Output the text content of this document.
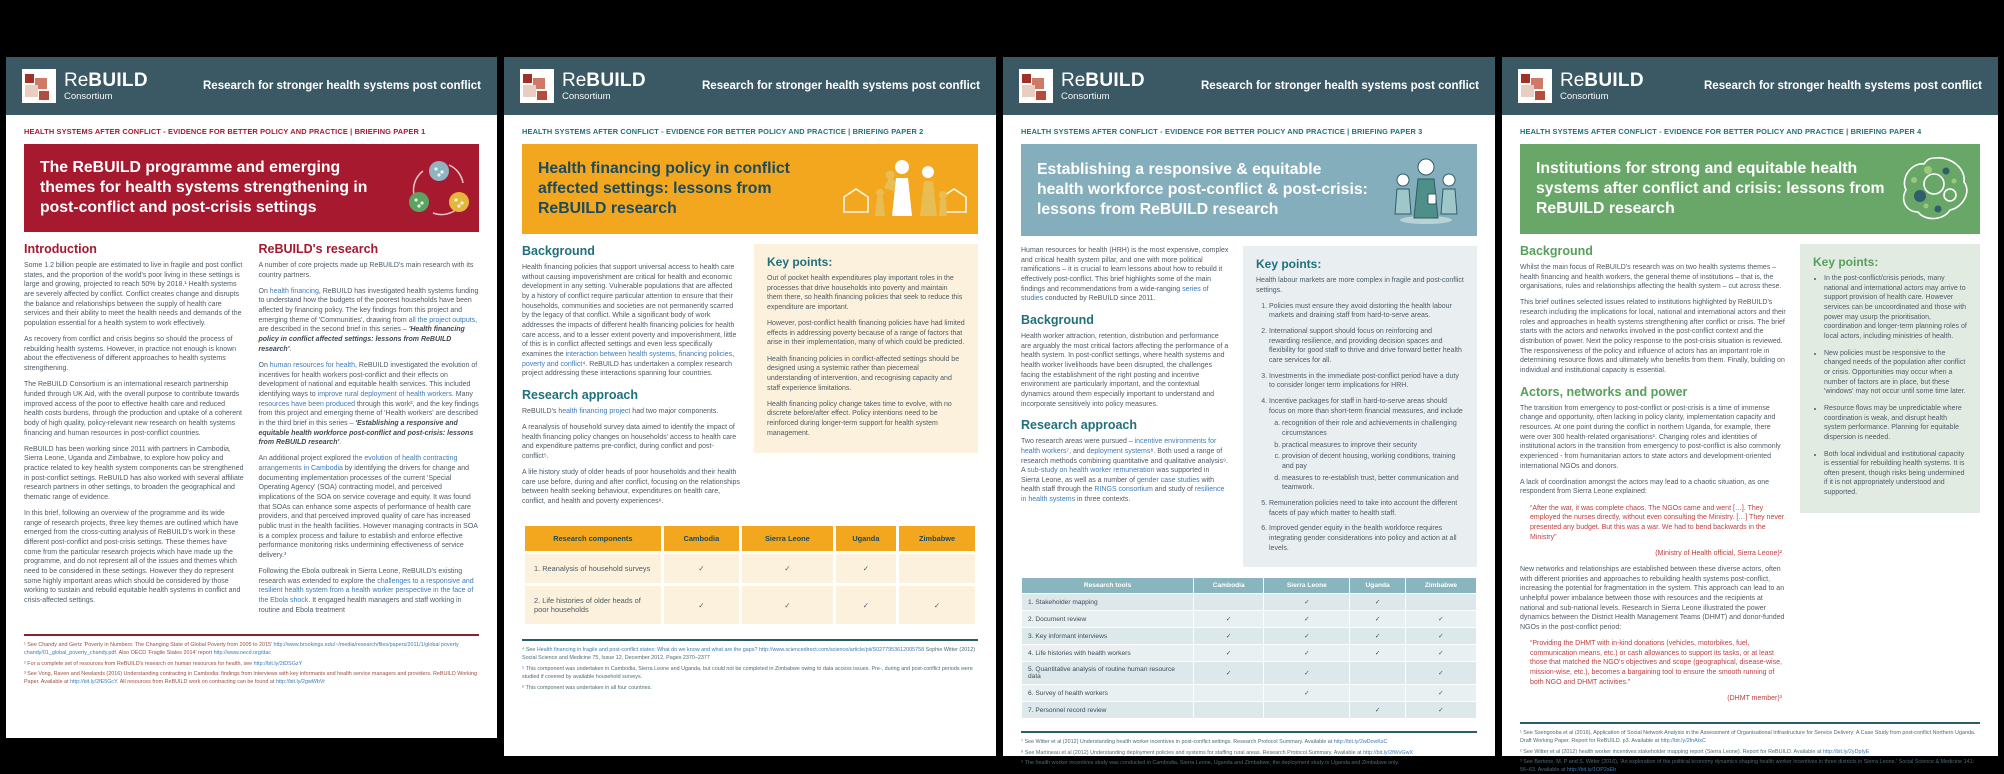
ReBUILD
Consortium
Research for stronger health systems post conflict
HEALTH SYSTEMS AFTER CONFLICT - EVIDENCE FOR BETTER POLICY AND PRACTICE | BRIEFING PAPER 1
The ReBUILD programme and emerging themes for health systems strengthening in post-conflict and post-crisis settings
Introduction

Some 1.2 billion people are estimated to live in fragile and post conflict states, and the proportion of the world's poor living in these settings is large and growing, projected to reach 50% by 2018.¹ Health systems are severely affected by conflict. Conflict creates change and disrupts the balance and relationships between the supply of health care services and their ability to meet the health needs and demands of the population essential for a health system to work effectively.

As recovery from conflict and crisis begins so should the process of rebuilding health systems. However, in practice not enough is known about the effectiveness of different approaches to health systems strengthening.

The ReBUILD Consortium is an international research partnership funded through UK Aid, with the overall purpose to contribute towards improved access of the poor to effective health care and reduced health costs burdens, through the production and uptake of a coherent body of high quality, policy-relevant new research on health systems financing and human resources in post-conflict countries.

ReBUILD has been working since 2011 with partners in Cambodia, Sierra Leone, Uganda and Zimbabwe, to explore how policy and practice related to key health system components can be strengthened in post-conflict settings. ReBUILD has also worked with several affiliate research partners in other settings, to broaden the geographical and thematic range of evidence.

In this brief, following an overview of the programme and its wide range of research projects, three key themes are outlined which have emerged from the cross-cutting analysis of ReBUILD's work in these different post-conflict and post-crisis settings. These themes have come from the particular research projects which have made up the programme, and do not represent all of the issues and themes which need to be considered in these settings. However they do represent some highly important areas which should be considered by those working to sustain and rebuild equitable health systems in conflict and crisis-affected settings.

ReBUILD's research

A number of core projects made up ReBUILD's main research with its country partners.

On health financing, ReBUILD has investigated health systems funding to understand how the budgets of the poorest households have been affected by financing policy. The key findings from this project and emerging theme of 'Communities', drawing from all the project outputs, are described in the second brief in this series – 'Health financing policy in conflict affected settings: lessons from ReBUILD research'.

On human resources for health, ReBUILD investigated the evolution of incentives for health workers post-conflict and their effects on development of national and equitable health services. This included identifying ways to improve rural deployment of health workers. Many resources have been produced through this work², and the key findings from this project and emerging theme of 'Health workers' are described in the third brief in this series – 'Establishing a responsive and equitable health workforce post-conflict and post-crisis: lessons from ReBUILD research'.

An additional project explored the evolution of health contracting arrangements in Cambodia by identifying the drivers for change and documenting implementation processes of the current 'Special Operating Agency' (SOA) contracting model, and perceived implications of the SOA on service coverage and equity. It was found that SOAs can enhance some aspects of performance of health care providers, and that perceived improved quality of care has increased public trust in the health facilities. However managing contracts in SOA is a complex process and failure to establish and enforce effective performance monitoring risks undermining effectiveness of service delivery.³

Following the Ebola outbreak in Sierra Leone, ReBUILD's existing research was extended to explore the challenges to a responsive and resilient health system from a health worker perspective in the face of the Ebola shock. It engaged health managers and staff working in routine and Ebola treatment

¹ See Chandy and Gertz 'Poverty in Numbers: The Changing State of Global Poverty from 2005 to 2015' http://www.brookings.edu/~/media/research/files/papers/2011/1/global poverty chandy/01_global_poverty_chandy.pdf. Also OECD 'Fragile States 2014' report http://www.oecd.org/dac

² For a complete set of resources from ReBUILD's research on human resources for health, see http://bit.ly/2tDSGzY

³ See Vong, Raven and Newlands (2016) Understanding contracting in Cambodia: findings from interviews with key informants and health service managers and providers. ReBUILD Working Paper. Available at http://bit.ly/2fE5GcY. All resources from ReBUILD work on contracting can be found at http://bit.ly/2gwWbVr

ReBUILD
Consortium
Research for stronger health systems post conflict
HEALTH SYSTEMS AFTER CONFLICT - EVIDENCE FOR BETTER POLICY AND PRACTICE | BRIEFING PAPER 2
Health financing policy in conflict affected settings: lessons from ReBUILD research
Background

Health financing policies that support universal access to health care without causing impoverishment are critical for health and economic development in any setting. Vulnerable populations that are affected by a history of conflict require particular attention to ensure that their households, communities and societies are not permanently scarred by the legacy of that conflict. While a significant body of work addresses the impacts of different health financing policies for health care access, and to a lesser extent poverty and impoverishment, little of this is in conflict affected settings and even less specifically examines the interaction between health systems, financing policies, poverty and conflict⁴. ReBUILD has undertaken a complex research project addressing these interactions spanning four countries.

Research approach

ReBUILD's health financing project had two major components.

A reanalysis of household survey data aimed to identify the impact of health financing policy changes on households' access to health care and expenditure patterns pre-conflict, during conflict and post-conflict⁵.

A life history study of older heads of poor households and their health care use before, during and after conflict, focusing on the relationships between health seeking behaviour, expenditures on health care, conflict, and health and poverty experiences⁶.

Key points:

Out of pocket health expenditures play important roles in the processes that drive households into poverty and maintain them there, so health financing policies that seek to reduce this expenditure are important.

However, post-conflict health financing policies have had limited effects in addressing poverty because of a range of factors that arise in their implementation, many of which could be predicted.

Health financing policies in conflict-affected settings should be designed using a systemic rather than piecemeal understanding of intervention, and recognising capacity and staff experience limitations.

Health financing policy change takes time to evolve, with no discrete before/after effect. Policy intentions need to be reinforced during longer-term support for health system management.

Research components	Cambodia	Sierra Leone	Uganda	Zimbabwe
1. Reanalysis of household surveys	✓	✓	✓	
2. Life histories of older heads of poor households	✓	✓	✓	✓

⁴ See Health financing in fragile and post-conflict states: What do we know and what are the gaps? http://www.sciencedirect.com/science/article/pii/S0277953612005758 Sophie Witter (2012) Social Science and Medicine 75, Issue 12, December 2012, Pages 2370–2377

⁵ This component was undertaken in Cambodia, Sierra Leone and Uganda, but could not be completed in Zimbabwe owing to data access issues. Pre-, during and post-conflict periods were studied if covered by available household surveys.

⁶ This component was undertaken in all four countries.

ReBUILD
Consortium
Research for stronger health systems post conflict
HEALTH SYSTEMS AFTER CONFLICT - EVIDENCE FOR BETTER POLICY AND PRACTICE | BRIEFING PAPER 3
Establishing a responsive & equitable health workforce post-conflict & post-crisis: lessons from ReBUILD research

Human resources for health (HRH) is the most expensive, complex and critical health system pillar, and one with more political ramifications – it is crucial to learn lessons about how to rebuild it effectively post-conflict. This brief highlights some of the main findings and recommendations from a wide-ranging series of studies conducted by ReBUILD since 2011.

Background

Health worker attraction, retention, distribution and performance are arguably the most critical factors affecting the performance of a health system. In post-conflict settings, where health systems and health worker livelihoods have been disrupted, the challenges facing the establishment of the right posting and incentive environment are particularly important, and the contextual dynamics around them especially important to understand and incorporate sensitively into policy measures.

Research approach

Two research areas were pursued – incentive environments for health workers⁷, and deployment systems⁸. Both used a range of research methods combining quantitative and qualitative analysis⁹. A sub-study on health worker remuneration was supported in Sierra Leone, as well as a number of gender case studies with health staff through the RINGS consortium and study of resilience in health systems in three contexts.

Key points:

Health labour markets are more complex in fragile and post-conflict settings.

1. Policies must ensure they avoid distorting the health labour markets and draining staff from hard-to-serve areas.
2. International support should focus on reinforcing and rewarding resilience, and providing decision spaces and flexibility for good staff to thrive and drive forward better health care services for all.
3. Investments in the immediate post-conflict period have a duty to consider longer term implications for HRH.
4. Incentive packages for staff in hard-to-serve areas should focus on more than short-term financial measures, and include
a. recognition of their role and achievements in challenging circumstances
b. practical measures to improve their security
c. provision of decent housing, working conditions, training and pay
d. measures to re-establish trust, better communication and teamwork.
5. Remuneration policies need to take into account the different facets of pay which matter to health staff.
6. Improved gender equity in the health workforce requires integrating gender considerations into policy and action at all levels.
Research tools	Cambodia	Sierra Leone	Uganda	Zimbabwe
1. Stakeholder mapping		✓	✓	
2. Document review	✓	✓	✓	✓
3. Key informant interviews	✓	✓	✓	✓
4. Life histories with health workers	✓	✓	✓	✓
5. Quantitative analysis of routine human resource data	✓	✓		✓
6. Survey of health workers		✓		✓
7. Personnel record review			✓	✓

⁷ See Witter et al (2012) Understanding health worker incentives in post-conflict settings. Research Protocol Summary. Available at http://bit.ly/2wDcwKsC

⁸ See Martineau et al (2012) Understanding deployment policies and systems for staffing rural areas. Research Protocol Summary. Available at http://bit.ly/2fWvGwX

⁹ The health worker incentives study was conducted in Cambodia, Sierra Leone, Uganda and Zimbabwe; the deployment study in Uganda and Zimbabwe only.

ReBUILD
Consortium
Research for stronger health systems post conflict
HEALTH SYSTEMS AFTER CONFLICT - EVIDENCE FOR BETTER POLICY AND PRACTICE | BRIEFING PAPER 4
Institutions for strong and equitable health systems after conflict and crisis: lessons from ReBUILD research
Background

Whilst the main focus of ReBUILD's research was on two health systems themes – health financing and health workers, the general theme of institutions – that is, the organisations, rules and relationships affecting the health system – cut across these.

This brief outlines selected issues related to institutions highlighted by ReBUILD's research including the implications for local, national and international actors and their roles and approaches in health systems strengthening after conflict or crisis. The brief starts with the actors and networks involved in the post-conflict context and the distribution of power. Next the policy response to the post-crisis situation is reviewed. The responsiveness of the policy and influence of actors has an important role in determining resource flows and ultimately who benefits from them. Finally, building on individual and institutional capacity is essential.

Actors, networks and power

The transition from emergency to post-conflict or post-crisis is a time of immense change and opportunity, often lacking in policy clarity, implementation capacity and resources. At one point during the conflict in northern Uganda, for example, there were over 300 health-related organisations¹. Changing roles and identities of institutional actors in the transition from emergency to post-conflict is also commonly experienced - from humanitarian actors to state actors and development-oriented international NGOs and donors.

A lack of coordination amongst the actors may lead to a chaotic situation, as one respondent from Sierra Leone explained:

“After the war, it was complete chaos. The NGOs came and went […]. They employed the nurses directly, without even consulting the Ministry. […] They never presented any budget. But this was a war. We had to bend backwards in the Ministry”

(Ministry of Health official, Sierra Leone)²

New networks and relationships are established between these diverse actors, often with different priorities and approaches to rebuilding health systems post-conflict, increasing the potential for fragmentation in the system. This approach can lead to an unhelpful power imbalance between those with resources and the recipients at national and sub-national levels. Research in Sierra Leone illustrated the power dynamics between the District Health Management Teams (DHMT) and donor-funded NGOs in the post-conflict period:

“Providing the DHMT with in-kind donations (vehicles, motorbikes, fuel, communication means, etc.) or cash allowances to support its tasks, or at least those that matched the NGO's objectives and scope (geographical, disease-wise, mission-wise, etc.), becomes a bargaining tool to ensure the smooth running of both NGO and DHMT activities.”

(DHMT member)³

Key points:
• In the post-conflict/crisis periods, many national and international actors may arrive to support provision of health care. However services can be uncoordinated and those with power may usurp the prioritisation, coordination and longer-term planning roles of local actors, including ministries of health.
• New policies must be responsive to the changed needs of the population after conflict or crisis. Opportunities may occur when a number of factors are in place, but these 'windows' may not occur until some time later.
• Resource flows may be unpredictable where coordination is weak, and disrupt health system performance. Planning for equitable dispersion is needed.
• Both local individual and institutional capacity is essential for rebuilding health systems. It is often present, though risks being undermined if it is not appropriately understood and supported.

¹ See Ssengooba et al (2016), Application of Social Network Analysis in the Assessment of Organisational Infrastructure for Service Delivery: A Case Study from post-conflict Northern Uganda. Draft Working Paper. Report for ReBUILD. p3. Available at http://bit.ly/2fnAtxC

² See Witter et al (2012) health worker incentives stakeholder mapping report (Sierra Leone). Report for ReBUILD. Available at http://bit.ly/2yDpIyE

³ See Bertone, M. P and S. Witter (2016), 'An exploration of the political economy dynamics shaping health worker incentives in three districts in Sierra Leone.' Social Science & Medicine 141: 56–63. Available at http://bit.ly/1OP2sEb
